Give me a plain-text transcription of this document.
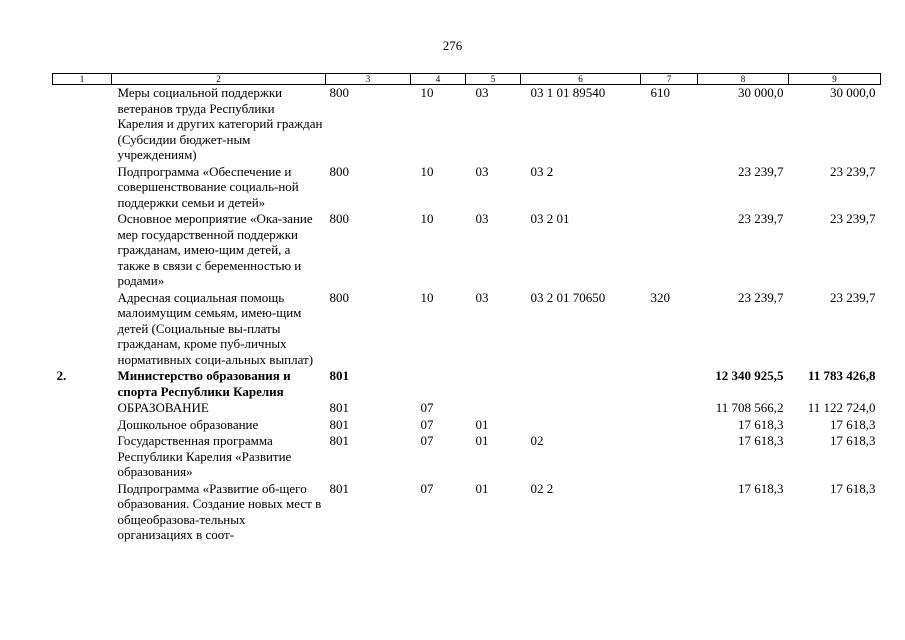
276
1	2	3	4	5	6	7	8	9
	Меры социальной поддержки ветеранов труда Республики Карелия и других категорий граждан (Субсидии бюджет-ным учреждениям)	800	10	03	03 1 01 89540	610	30 000,0	30 000,0
	Подпрограмма «Обеспечение и совершенствование социаль-ной поддержки семьи и детей»	800	10	03	03 2		23 239,7	23 239,7
	Основное мероприятие «Ока-зание мер государственной поддержки гражданам, имею-щим детей, а также в связи с беременностью и родами»	800	10	03	03 2 01		23 239,7	23 239,7
	Адресная социальная помощь малоимущим семьям, имею-щим детей (Социальные вы-платы гражданам, кроме пуб-личных нормативных соци-альных выплат)	800	10	03	03 2 01 70650	320	23 239,7	23 239,7
2.	Министерство образования и спорта Республики Карелия	801					12 340 925,5	11 783 426,8
	ОБРАЗОВАНИЕ	801	07				11 708 566,2	11 122 724,0
	Дошкольное образование	801	07	01			17 618,3	17 618,3
	Государственная программа Республики Карелия «Развитие образования»	801	07	01	02		17 618,3	17 618,3
	Подпрограмма «Развитие об-щего образования. Создание новых мест в общеобразова-тельных организациях в соот-	801	07	01	02 2		17 618,3	17 618,3
